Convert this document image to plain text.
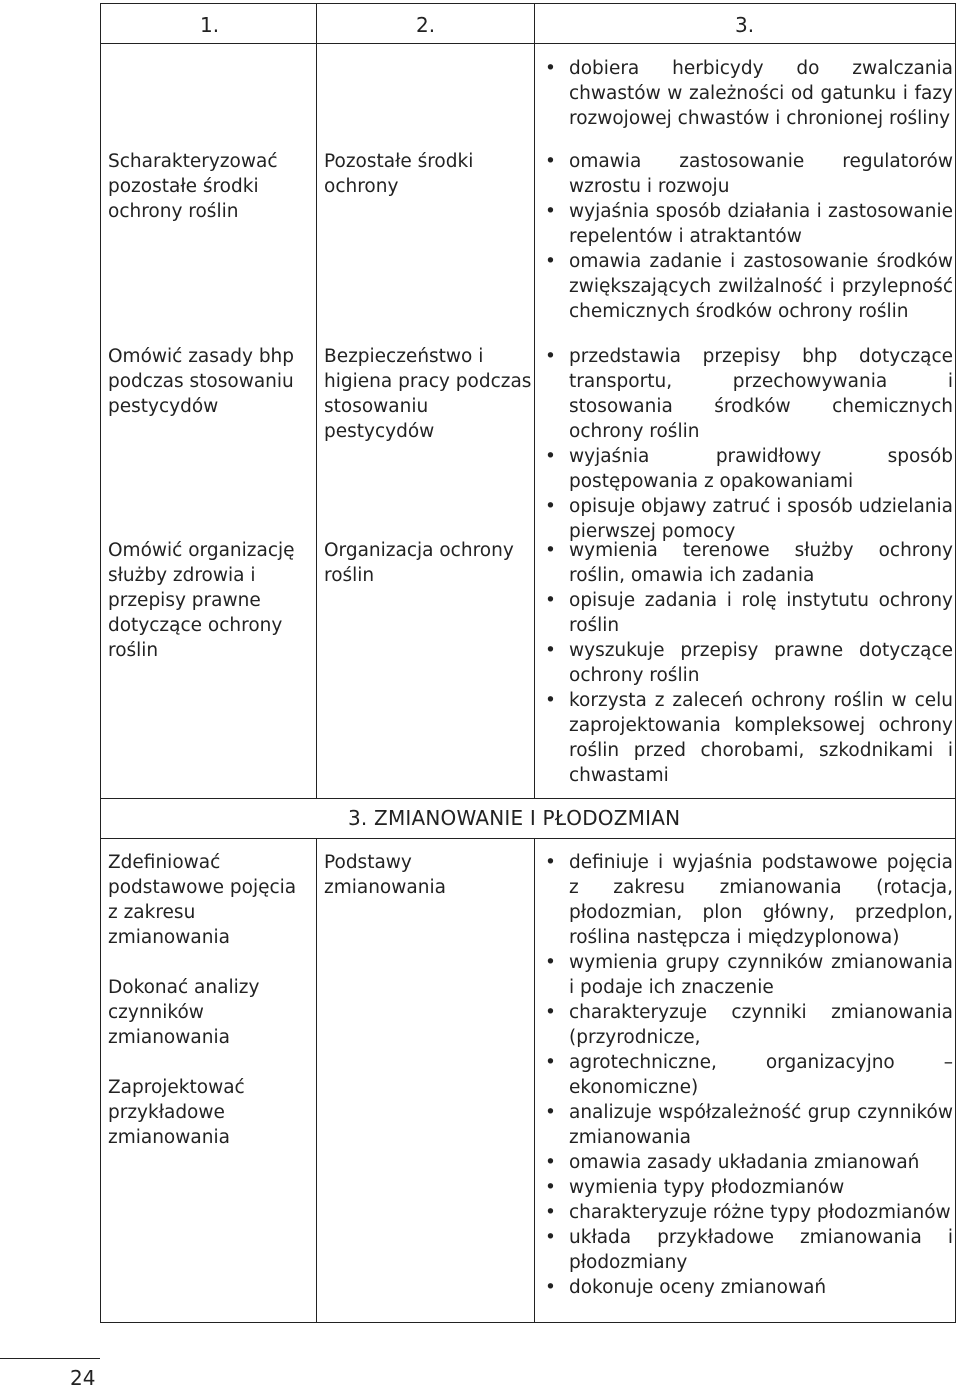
1.	2.	3.
• dobiera herbicydy do zwalczania chwastów w zależności od gatunku i fazy rozwojowej chwastów i chronionej rośliny
Scharakteryzować pozostałe środki ochrony roślin
Pozostałe środki ochrony
• omawia zastosowanie regulatorów wzrostu i rozwoju
• wyjaśnia sposób działania i zastosowanie repelentów i atraktantów
• omawia zadanie i zastosowanie środków zwiększających zwilżalność i przylepność chemicznych środków ochrony roślin
Omówić zasady bhp podczas stosowaniu pestycydów
Bezpieczeństwo i higiena pracy podczas stosowaniu pestycydów
• przedstawia przepisy bhp dotyczące transportu, przechowywania i stosowania środków chemicznych ochrony roślin
• wyjaśnia prawidłowy sposób postępowania z opakowaniami
• opisuje objawy zatruć i sposób udzielania pierwszej pomocy
Omówić organizację służby zdrowia i przepisy prawne dotyczące ochrony roślin
Organizacja ochrony roślin
• wymienia terenowe służby ochrony roślin, omawia ich zadania
• opisuje zadania i rolę instytutu ochrony roślin
• wyszukuje przepisy prawne dotyczące ochrony roślin
• korzysta z zaleceń ochrony roślin w celu zaprojektowania kompleksowej ochrony roślin przed chorobami, szkodnikami i chwastami
3. ZMIANOWANIE I PŁODOZMIAN
Zdefiniować podstawowe pojęcia z zakresu zmianowania
Dokonać analizy czynników zmianowania
Zaprojektować przykładowe zmianowania
Podstawy zmianowania
• definiuje i wyjaśnia podstawowe pojęcia z zakresu zmianowania (rotacja, płodozmian, plon główny, przedplon, roślina następcza i międzyplonowa)
• wymienia grupy czynników zmianowania i podaje ich znaczenie
• charakteryzuje czynniki zmianowania (przyrodnicze,
• agrotechniczne, organizacyjno – ekonomiczne)
• analizuje współzależność grup czynników zmianowania
• omawia zasady układania zmianowań
• wymienia typy płodozmianów
• charakteryzuje różne typy płodozmianów
• układa przykładowe zmianowania i płodozmiany
• dokonuje oceny zmianowań
24
